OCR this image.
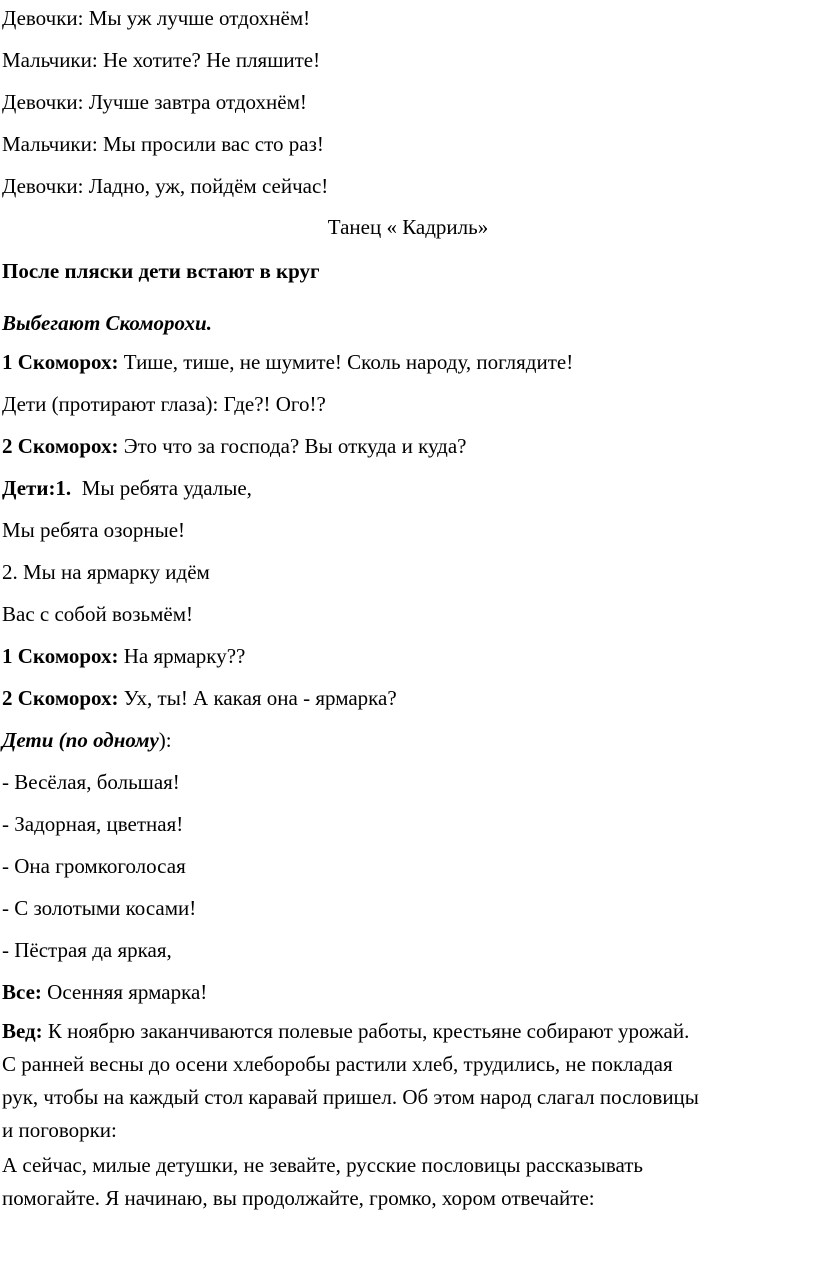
Девочки: Мы уж лучше отдохнём!
Мальчики: Не хотите? Не пляшите!
Девочки: Лучше завтра отдохнём!
Мальчики: Мы просили вас сто раз!
Девочки: Ладно, уж, пойдём сейчас!
Танец « Кадриль»
После пляски дети встают в круг
Выбегают Скоморохи.
1 Скоморох: Тише, тише, не шумите! Сколь народу, поглядите!
Дети (протирают глаза): Где?! Ого!?
2 Скоморох: Это что за господа? Вы откуда и куда?
Дети:1.  Мы ребята удалые,
Мы ребята озорные!
2. Мы на ярмарку идём
Вас с собой возьмём!
1 Скоморох: На ярмарку??
2 Скоморох: Ух, ты! А какая она - ярмарка?
Дети (по одному):
- Весёлая, большая!
- Задорная, цветная!
- Она громкоголосая
- С золотыми косами!
- Пёстрая да яркая,
Все: Осенняя ярмарка!
Вед: К ноябрю заканчиваются полевые работы, крестьяне собирают урожай.
С ранней весны до осени хлеборобы растили хлеб, трудились, не покладая
рук, чтобы на каждый стол каравай пришел. Об этом народ слагал пословицы
и поговорки:
А сейчас, милые детушки, не зевайте, русские пословицы рассказывать
помогайте. Я начинаю, вы продолжайте, громко, хором отвечайте:
